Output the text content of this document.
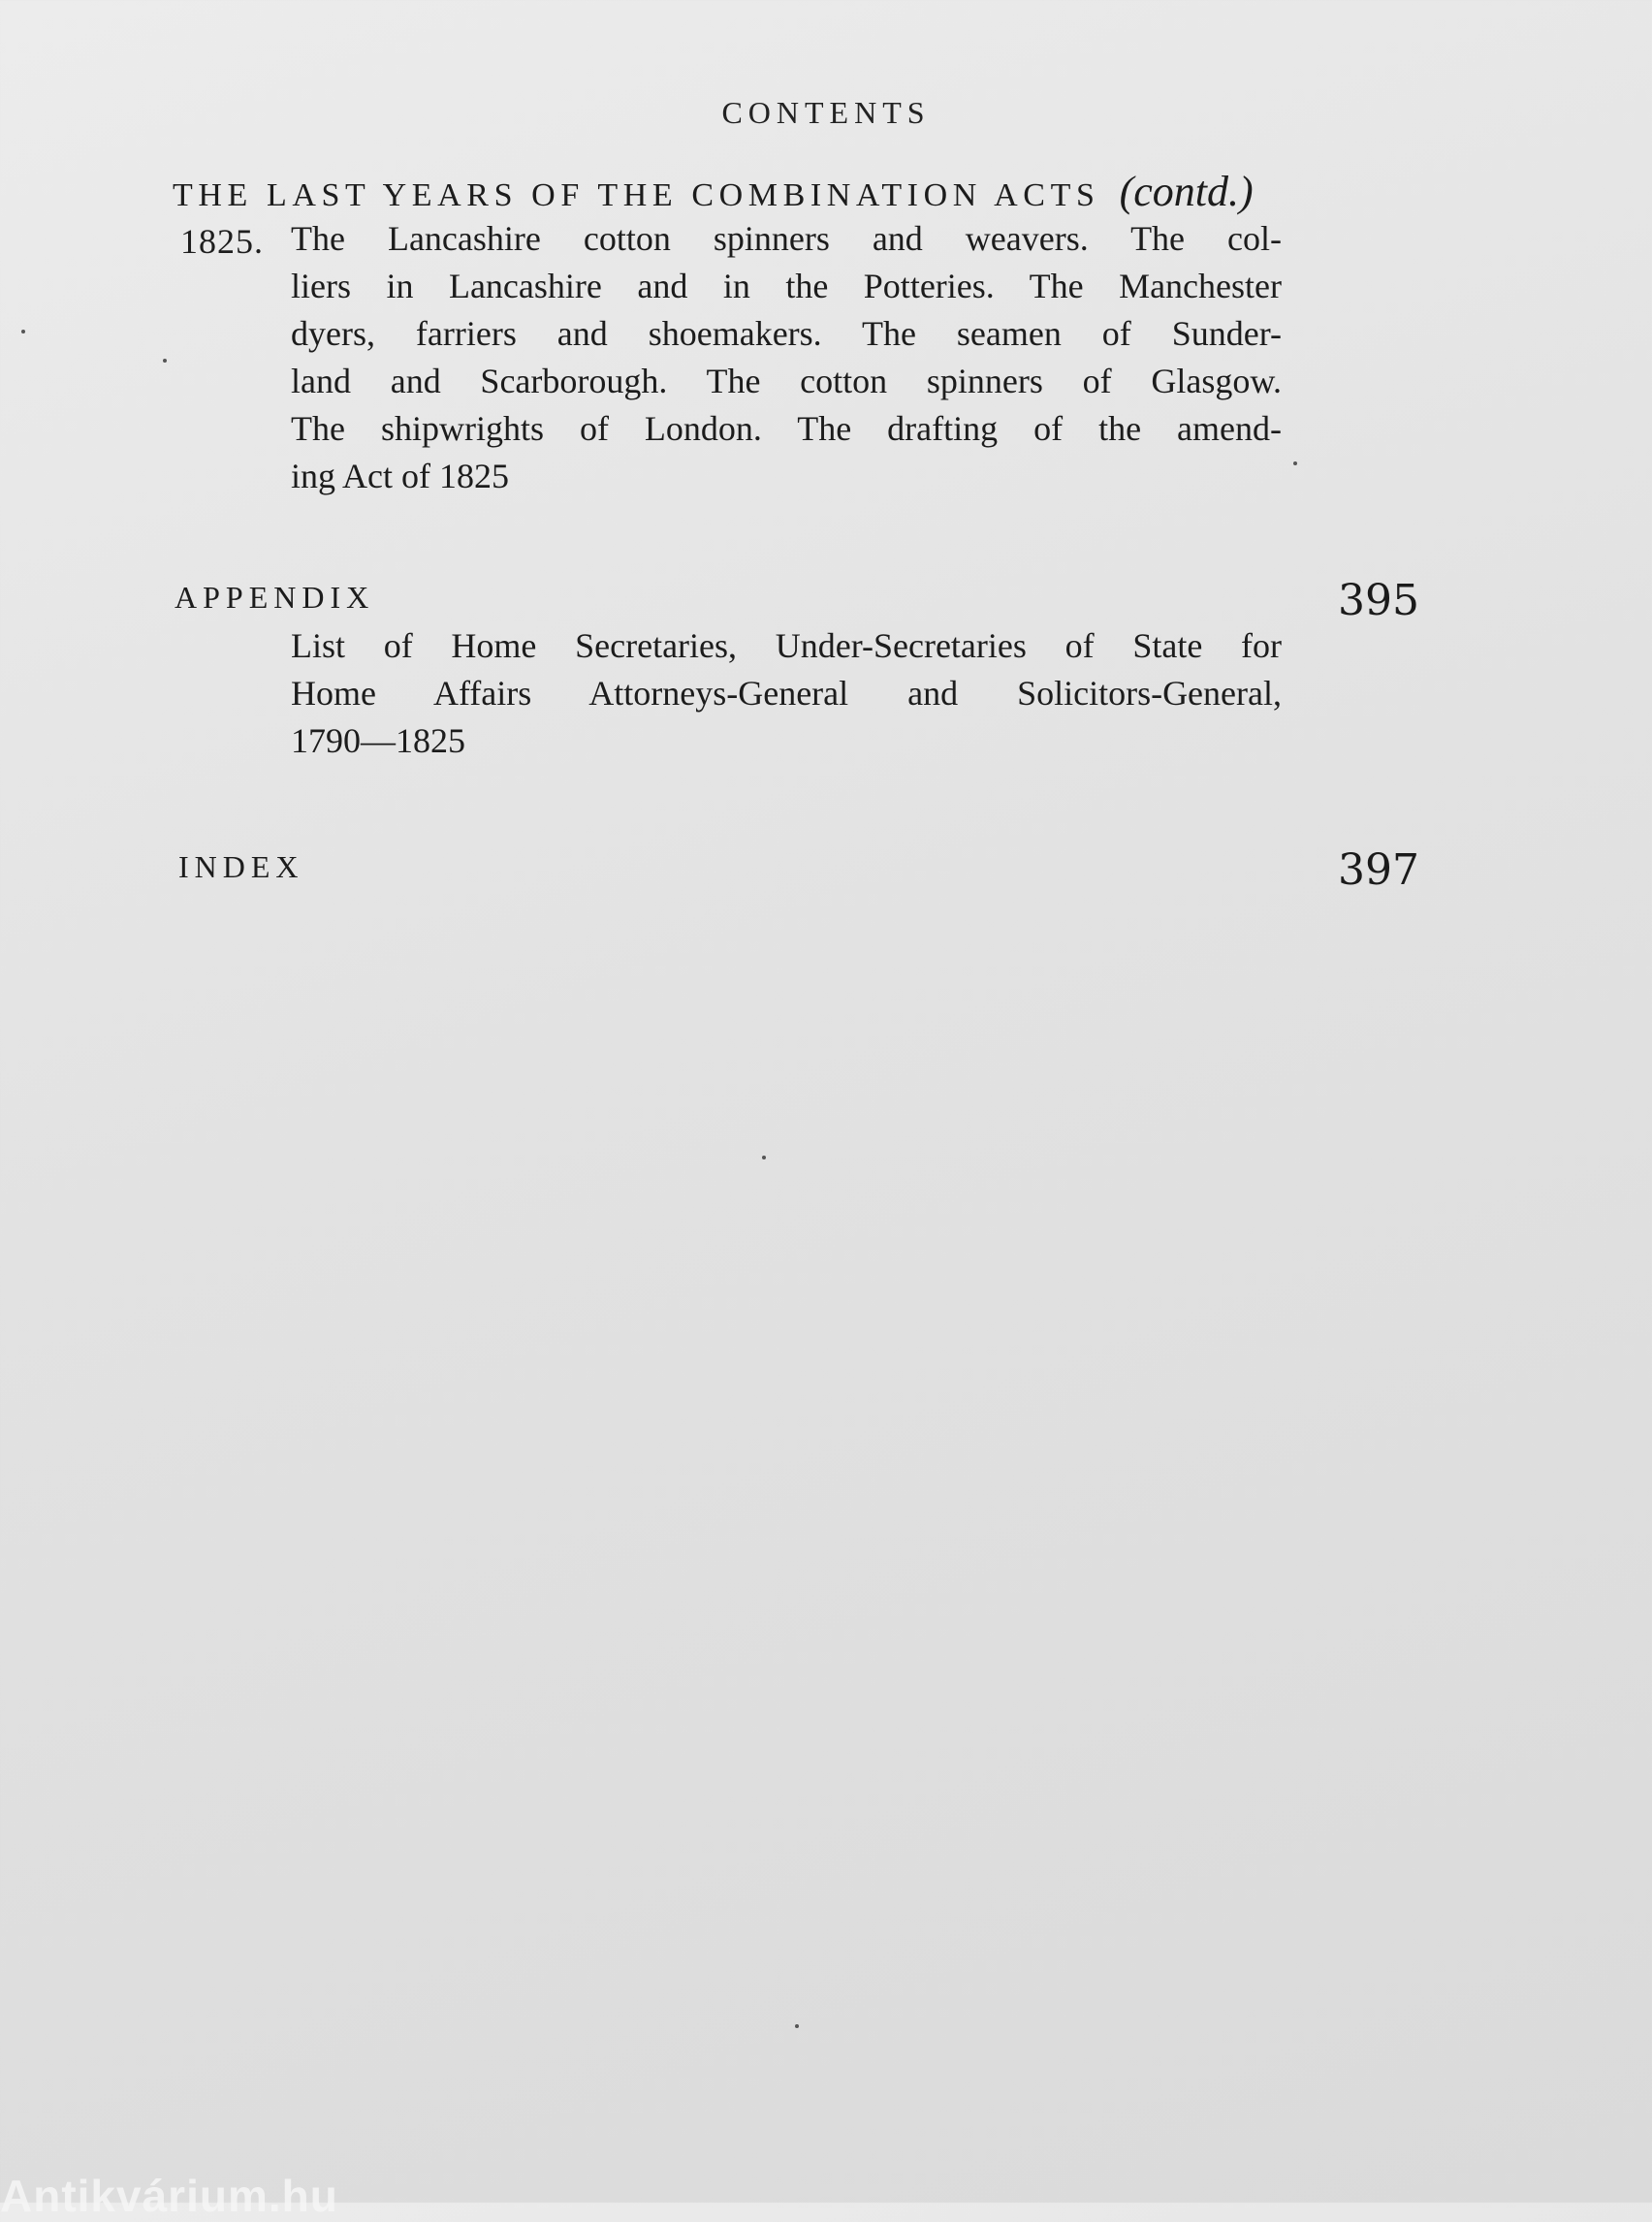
CONTENTS
THE LAST YEARS OF THE COMBINATION ACTS (contd.)
1825. The Lancashire cotton spinners and weavers. The col-
liers in Lancashire and in the Potteries. The Manchester
dyers, farriers and shoemakers. The seamen of Sunder-
land and Scarborough. The cotton spinners of Glasgow.
The shipwrights of London. The drafting of the amend-
ing Act of 1825
APPENDIX	395
List of Home Secretaries, Under-Secretaries of State for
Home Affairs Attorneys-General and Solicitors-General,
1790—1825
INDEX	397
Antikvárium.hu
